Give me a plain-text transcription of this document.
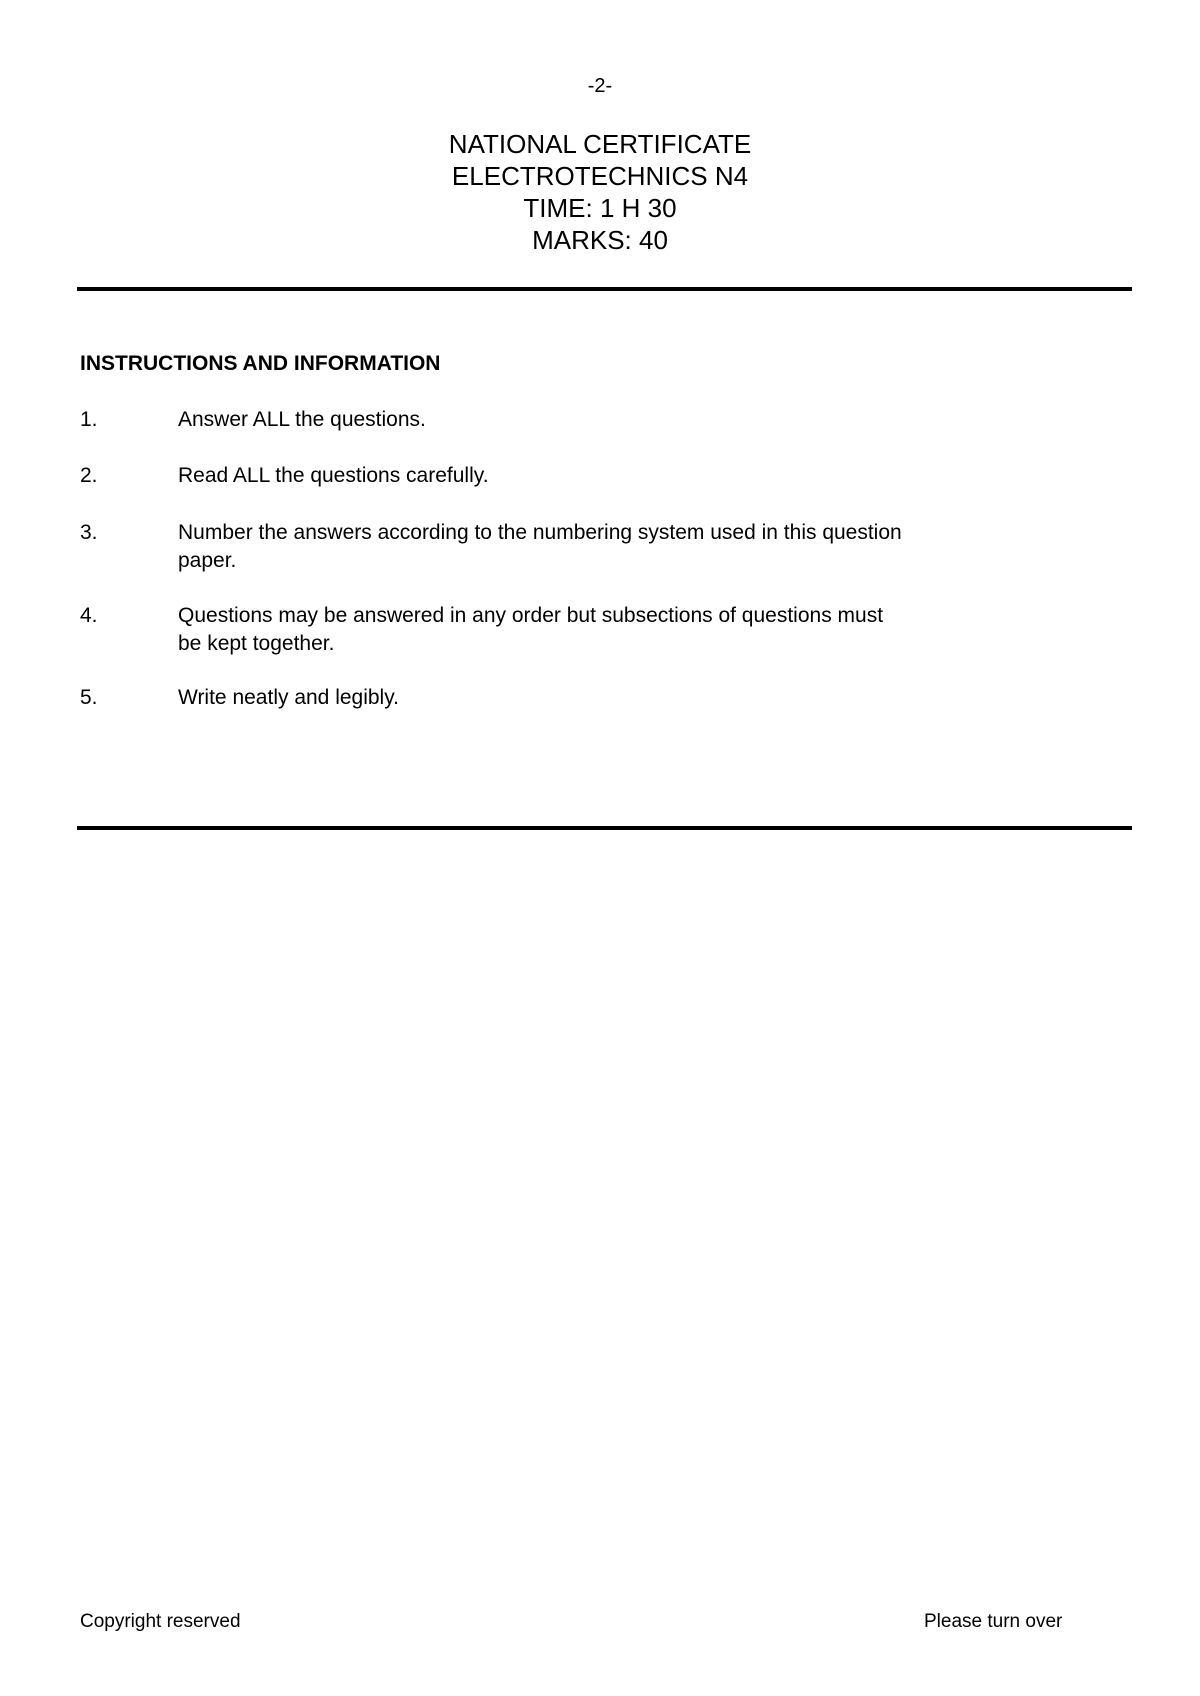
-2-
NATIONAL CERTIFICATE
ELECTROTECHNICS N4
TIME: 1 H 30
MARKS: 40
INSTRUCTIONS AND INFORMATION
1.	Answer ALL the questions.
2.	Read ALL the questions carefully.
3.	Number the answers according to the numbering system used in this question
paper.
4.	Questions may be answered in any order but subsections of questions must
be kept together.
5.	Write neatly and legibly.
Copyright reserved	Please turn over
